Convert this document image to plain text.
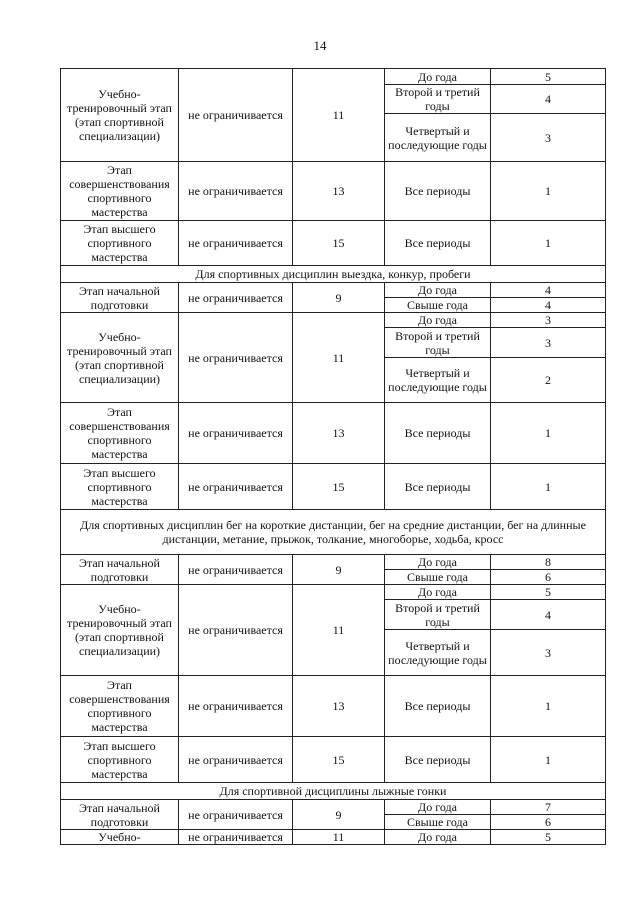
14
Учебно-тренировочный этап (этап спортивной специализации)	не ограничивается	11	До года	5
			Второй и третий годы	4
			Четвертый и последующие годы	3
Этап совершенствования спортивного мастерства	не ограничивается	13	Все периоды	1
Этап высшего спортивного мастерства	не ограничивается	15	Все периоды	1
Для спортивных дисциплин выездка, конкур, пробеги				
Этап начальной подготовки	не ограничивается	9	До года	4
			Свыше года	4
Учебно-тренировочный этап (этап спортивной специализации)	не ограничивается	11	До года	3
			Второй и третий годы	3
			Четвертый и последующие годы	2
Этап совершенствования спортивного мастерства	не ограничивается	13	Все периоды	1
Этап высшего спортивного мастерства	не ограничивается	15	Все периоды	1
Для спортивных дисциплин бег на короткие дистанции, бег на средние дистанции, бег на длинные дистанции, метание, прыжок, толкание, многоборье, ходьба, кросс				
Этап начальной подготовки	не ограничивается	9	До года	8
			Свыше года	6
Учебно-тренировочный этап (этап спортивной специализации)	не ограничивается	11	До года	5
			Второй и третий годы	4
			Четвертый и последующие годы	3
Этап совершенствования спортивного мастерства	не ограничивается	13	Все периоды	1
Этап высшего спортивного мастерства	не ограничивается	15	Все периоды	1
Для спортивной дисциплины лыжные гонки				
Этап начальной подготовки	не ограничивается	9	До года	7
			Свыше года	6
Учебно-	не ограничивается	11	До года	5
